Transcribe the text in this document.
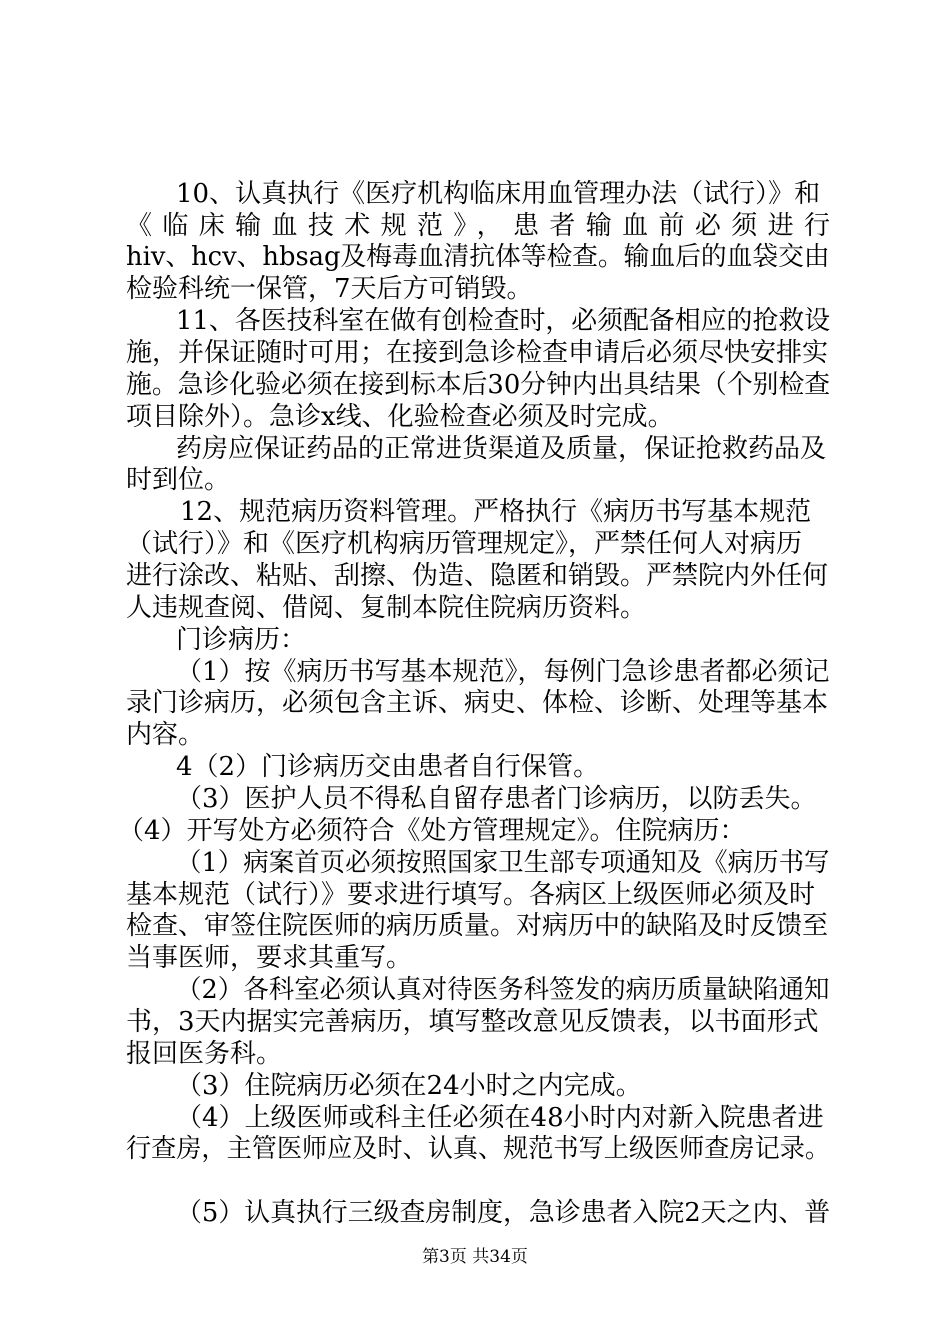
10、认真执行《医疗机构临床用血管理办法（试行）》和
《临床输血技术规范》，患者输血前必须进行
hiv、hcv、hbsag及梅毒血清抗体等检查。输血后的血袋交由
检验科统一保管，7天后方可销毁。
11、各医技科室在做有创检查时，必须配备相应的抢救设
施，并保证随时可用；在接到急诊检查申请后必须尽快安排实
施。急诊化验必须在接到标本后30分钟内出具结果（个别检查
项目除外）。急诊x线、化验检查必须及时完成。
药房应保证药品的正常进货渠道及质量，保证抢救药品及
时到位。
12、规范病历资料管理。严格执行《病历书写基本规范
（试行）》和《医疗机构病历管理规定》，严禁任何人对病历
进行涂改、粘贴、刮擦、伪造、隐匿和销毁。严禁院内外任何
人违规查阅、借阅、复制本院住院病历资料。
门诊病历：
（1）按《病历书写基本规范》，每例门急诊患者都必须记
录门诊病历，必须包含主诉、病史、体检、诊断、处理等基本
内容。
4（2）门诊病历交由患者自行保管。
（3）医护人员不得私自留存患者门诊病历，以防丢失。
（4）开写处方必须符合《处方管理规定》。住院病历：
（1）病案首页必须按照国家卫生部专项通知及《病历书写
基本规范（试行）》要求进行填写。各病区上级医师必须及时
检查、审签住院医师的病历质量。对病历中的缺陷及时反馈至
当事医师，要求其重写。
（2）各科室必须认真对待医务科签发的病历质量缺陷通知
书，3天内据实完善病历，填写整改意见反馈表，以书面形式
报回医务科。
（3）住院病历必须在24小时之内完成。
（4）上级医师或科主任必须在48小时内对新入院患者进
行查房，主管医师应及时、认真、规范书写上级医师查房记录。
（5）认真执行三级查房制度，急诊患者入院2天之内、普
第3页 共34页
